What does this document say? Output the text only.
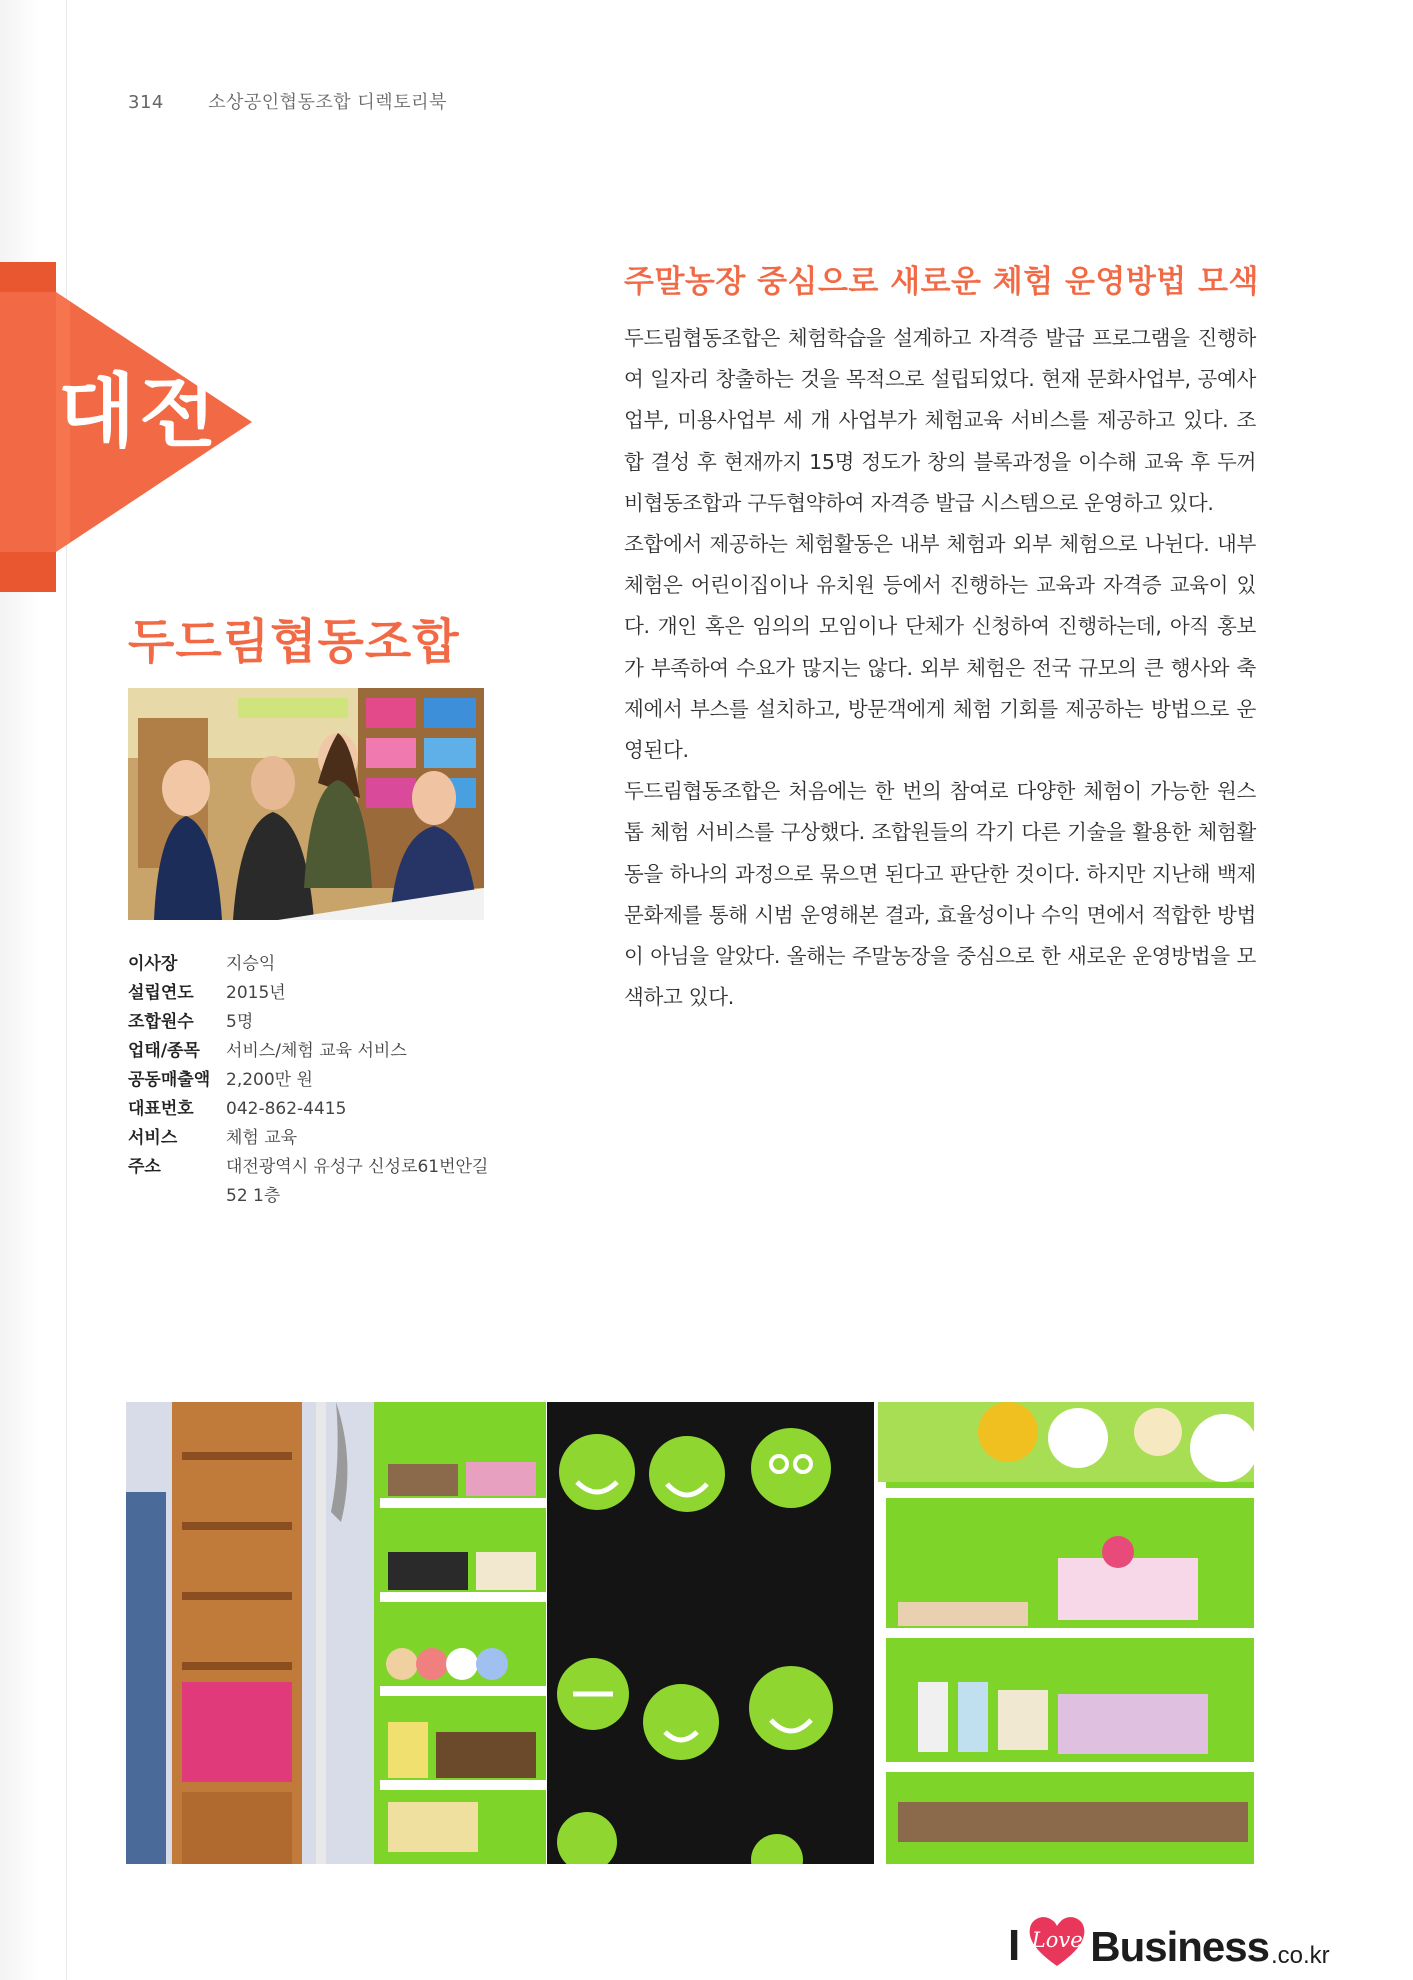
314 소상공인협동조합 디렉토리북
대전
두드림협동조합
이사장	지승익
설립연도	2015년
조합원수	5명
업태/종목	서비스/체험 교육 서비스
공동매출액 2,200만 원
대표번호	042-862-4415
서비스	체험 교육
주소	대전광역시 유성구 신성로61번안길 52 1층
주말농장 중심으로 새로운 체험 운영방법 모색

두드림협동조합은 체험학습을 설계하고 자격증 발급 프로그램을 진행하여 일자리 창출하는 것을 목적으로 설립되었다. 현재 문화사업부, 공예사업부, 미용사업부 세 개 사업부가 체험교육 서비스를 제공하고 있다. 조합 결성 후 현재까지 15명 정도가 창의 블록과정을 이수해 교육 후 두꺼비협동조합과 구두협약하여 자격증 발급 시스템으로 운영하고 있다.

조합에서 제공하는 체험활동은 내부 체험과 외부 체험으로 나뉜다. 내부 체험은 어린이집이나 유치원 등에서 진행하는 교육과 자격증 교육이 있다. 개인 혹은 임의의 모임이나 단체가 신청하여 진행하는데, 아직 홍보가 부족하여 수요가 많지는 않다. 외부 체험은 전국 규모의 큰 행사와 축제에서 부스를 설치하고, 방문객에게 체험 기회를 제공하는 방법으로 운영된다.

두드림협동조합은 처음에는 한 번의 참여로 다양한 체험이 가능한 원스톱 체험 서비스를 구상했다. 조합원들의 각기 다른 기술을 활용한 체험활동을 하나의 과정으로 묶으면 된다고 판단한 것이다. 하지만 지난해 백제문화제를 통해 시범 운영해본 결과, 효율성이나 수익 면에서 적합한 방법이 아님을 알았다. 올해는 주말농장을 중심으로 한 새로운 운영방법을 모색하고 있다.

I Love Business .co.kr
